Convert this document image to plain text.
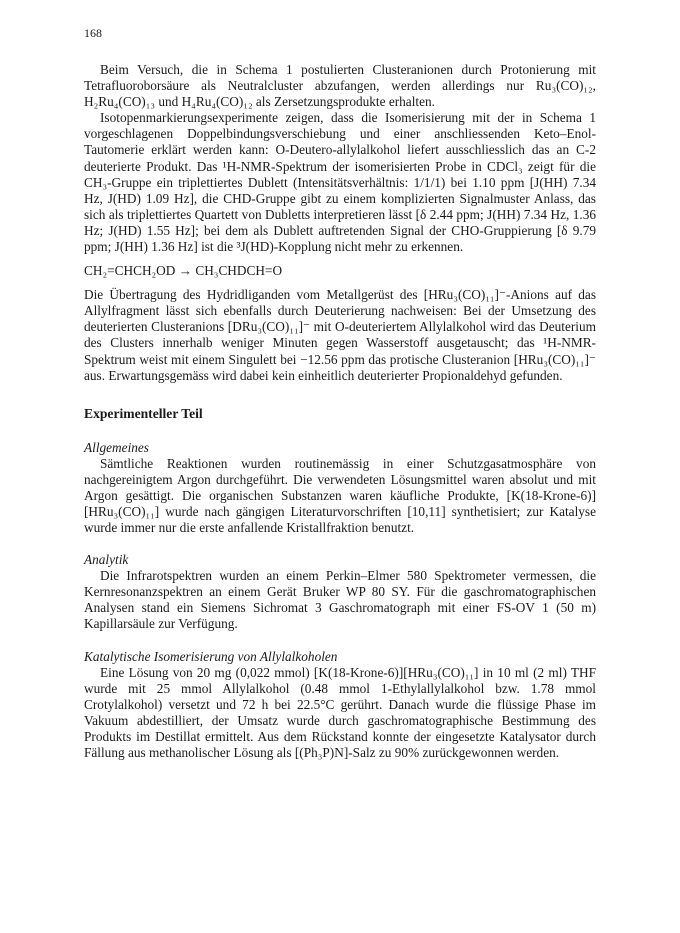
168

Beim Versuch, die in Schema 1 postulierten Clusteranionen durch Protonierung mit Tetrafluoroborsäure als Neutralcluster abzufangen, werden allerdings nur Ru₃(CO)₁₂, H₂Ru₄(CO)₁₃ und H₄Ru₄(CO)₁₂ als Zersetzungsprodukte erhalten.

Isotopenmarkierungsexperimente zeigen, dass die Isomerisierung mit der in Schema 1 vorgeschlagenen Doppelbindungsverschiebung und einer anschliessenden Keto–Enol-Tautomerie erklärt werden kann: O-Deutero-allylalkohol liefert ausschliesslich das an C-2 deuterierte Produkt. Das ¹H-NMR-Spektrum der isomerisierten Probe in CDCl₃ zeigt für die CH₃-Gruppe ein triplettiertes Dublett (Intensitätsverhältnis: 1/1/1) bei 1.10 ppm [J(HH) 7.34 Hz, J(HD) 1.09 Hz], die CHD-Gruppe gibt zu einem komplizierten Signalmuster Anlass, das sich als triplettiertes Quartett von Dubletts interpretieren lässt [δ 2.44 ppm; J(HH) 7.34 Hz, 1.36 Hz; J(HD) 1.55 Hz]; bei dem als Dublett auftretenden Signal der CHO-Gruppierung [δ 9.79 ppm; J(HH) 1.36 Hz] ist die ³J(HD)-Kopplung nicht mehr zu erkennen.

CH₂=CHCH₂OD → CH₃CHDCH=O

Die Übertragung des Hydridliganden vom Metallgerüst des [HRu₃(CO)₁₁]⁻-Anions auf das Allylfragment lässt sich ebenfalls durch Deuterierung nachweisen: Bei der Umsetzung des deuterierten Clusteranions [DRu₃(CO)₁₁]⁻ mit O-deuteriertem Allylalkohol wird das Deuterium des Clusters innerhalb weniger Minuten gegen Wasserstoff ausgetauscht; das ¹H-NMR-Spektrum weist mit einem Singulett bei −12.56 ppm das protische Clusteranion [HRu₃(CO)₁₁]⁻ aus. Erwartungsgemäss wird dabei kein einheitlich deuterierter Propionaldehyd gefunden.

Experimenteller Teil
Allgemeines

Sämtliche Reaktionen wurden routinemässig in einer Schutzgasatmosphäre von nachgereinigtem Argon durchgeführt. Die verwendeten Lösungsmittel waren absolut und mit Argon gesättigt. Die organischen Substanzen waren käufliche Produkte, [K(18-Krone-6)][HRu₃(CO)₁₁] wurde nach gängigen Literaturvorschriften [10,11] synthetisiert; zur Katalyse wurde immer nur die erste anfallende Kristallfraktion benutzt.

Analytik

Die Infrarotspektren wurden an einem Perkin–Elmer 580 Spektrometer vermessen, die Kernresonanzspektren an einem Gerät Bruker WP 80 SY. Für die gaschromatographischen Analysen stand ein Siemens Sichromat 3 Gaschromatograph mit einer FS-OV 1 (50 m) Kapillarsäule zur Verfügung.

Katalytische Isomerisierung von Allylalkoholen

Eine Lösung von 20 mg (0,022 mmol) [K(18-Krone-6)][HRu₃(CO)₁₁] in 10 ml (2 ml) THF wurde mit 25 mmol Allylalkohol (0.48 mmol 1-Ethylallylalkohol bzw. 1.78 mmol Crotylalkohol) versetzt und 72 h bei 22.5°C gerührt. Danach wurde die flüssige Phase im Vakuum abdestilliert, der Umsatz wurde durch gaschromatographische Bestimmung des Produkts im Destillat ermittelt. Aus dem Rückstand konnte der eingesetzte Katalysator durch Fällung aus methanolischer Lösung als [(Ph₃P)N]-Salz zu 90% zurückgewonnen werden.
